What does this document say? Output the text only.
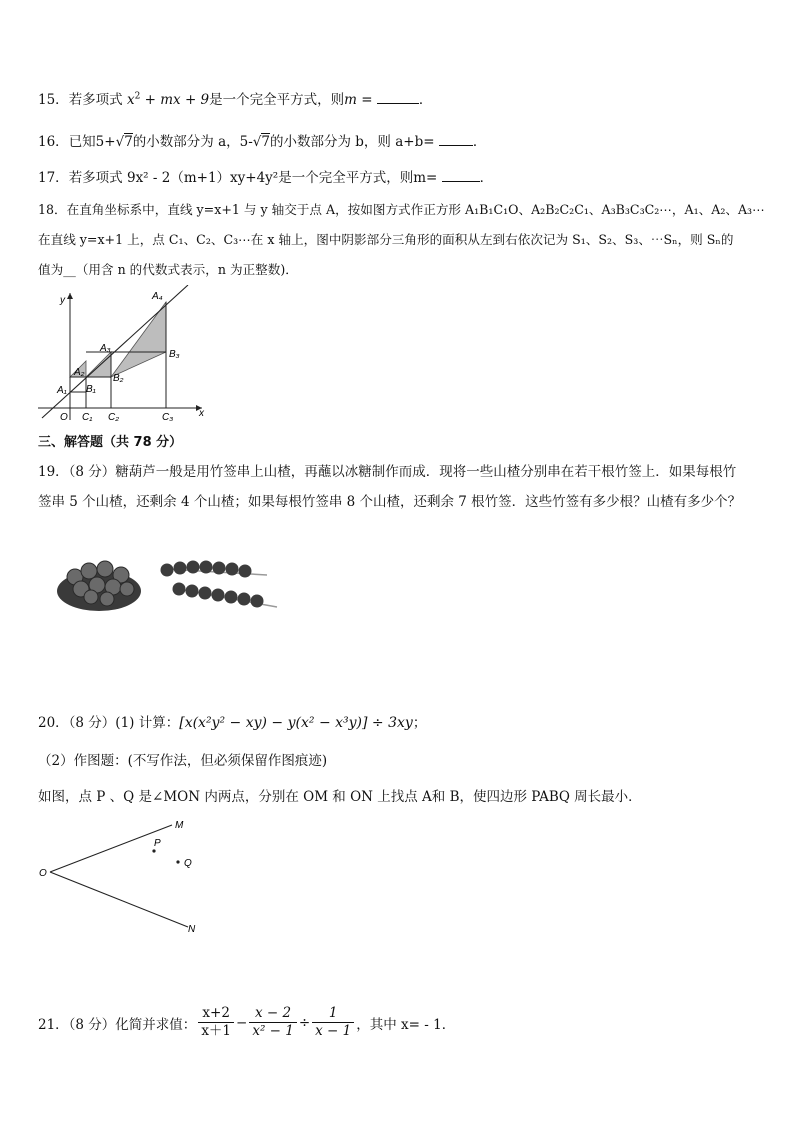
15．若多项式 $x^2$ + mx + 9是一个完全平方式，则m =	．
16．已知5+√7的小数部分为 a，5-√7的小数部分为 b，则 a+b=	．
17．若多项式 9x² - 2（m+1）xy+4y²是一个完全平方式，则m=	．
18．在直角坐标系中，直线 y=x+1 与 y 轴交于点 A，按如图方式作正方形 A₁B₁C₁O、A₂B₂C₂C₁、A₃B₃C₃C₂⋯，A₁、A₂、A₃⋯
在直线 y=x+1 上，点 C₁、C₂、C₃⋯在 x 轴上，图中阴影部分三角形的面积从左到右依次记为 S₁、S₂、S₃、⋯Sₙ，则 Sₙ的
值为__（用含 n 的代数式表示，n 为正整数)．
y
x
O
A₁
A₂
A₃
A₄
B₁
B₂
B₃
C₁ C₂	C₃
三、解答题（共 78 分）
19．（8 分）糖葫芦一般是用竹签串上山楂，再蘸以冰糖制作而成．现将一些山楂分别串在若干根竹签上．如果每根竹
签串 5 个山楂，还剩余 4 个山楂；如果每根竹签串 8 个山楂，还剩余 7 根竹签．这些竹签有多少根？山楂有多少个？
20．（8 分）(1) 计算：[x(x²y² − xy) − y(x² − x³y)] ÷ 3xy；
（2）作图题：(不写作法，但必须保留作图痕迹)
如图，点 P 、Q 是∠MON 内两点，分别在 OM 和 ON 上找点 A和 B，使四边形 PABQ 周长最小．
M
N
O
P
Q
21．（8 分）化简并求值： $\frac{x+2}{x+1} - \frac{x - 2}{\text{x² − 1}} \div \frac{1}{x - 1}$ ，其中 x= - 1．
